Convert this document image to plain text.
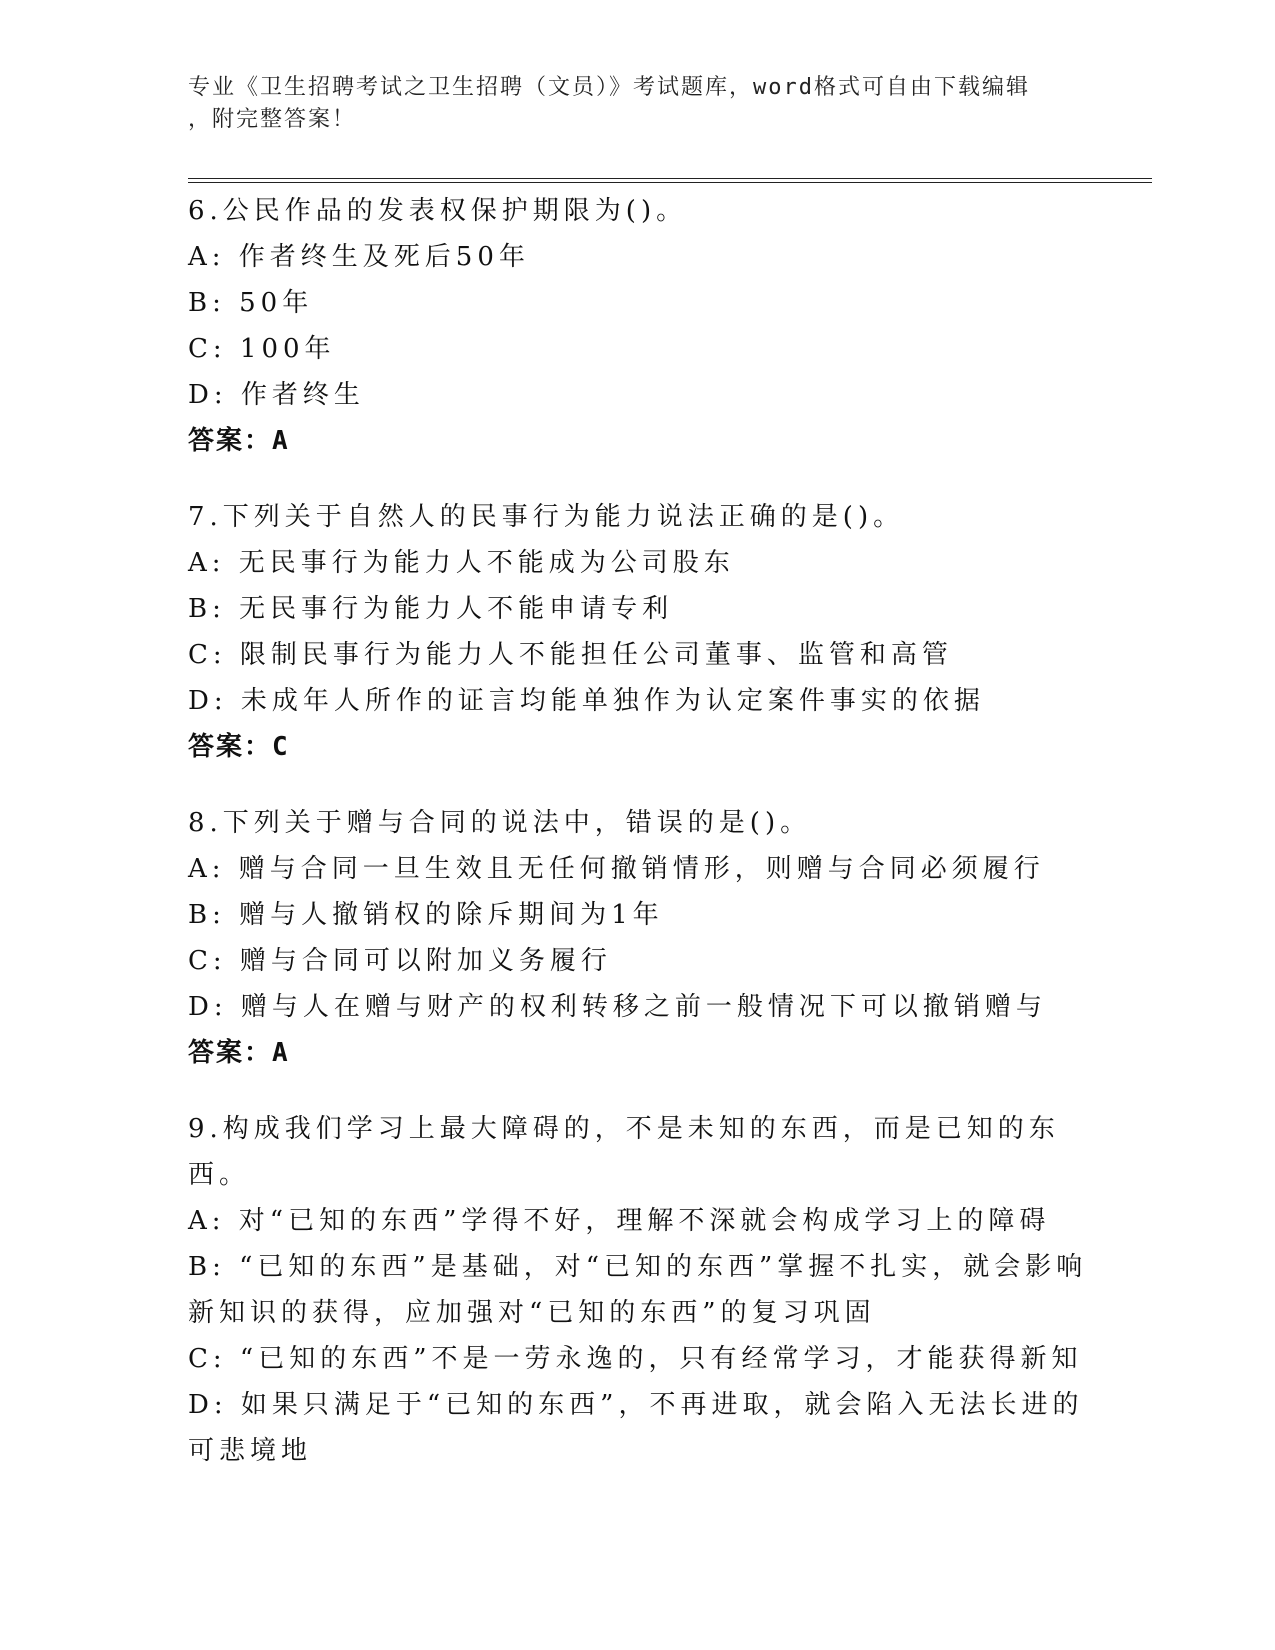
专业《卫生招聘考试之卫生招聘（文员）》考试题库，word格式可自由下载编辑
，附完整答案！
6.公民作品的发表权保护期限为()。
A: 作者终生及死后50年
B: 50年
C: 100年
D: 作者终生
答案：A
7.下列关于自然人的民事行为能力说法正确的是()。
A: 无民事行为能力人不能成为公司股东
B: 无民事行为能力人不能申请专利
C: 限制民事行为能力人不能担任公司董事、监管和高管
D: 未成年人所作的证言均能单独作为认定案件事实的依据
答案：C
8.下列关于赠与合同的说法中，错误的是()。
A: 赠与合同一旦生效且无任何撤销情形，则赠与合同必须履行
B: 赠与人撤销权的除斥期间为1年
C: 赠与合同可以附加义务履行
D: 赠与人在赠与财产的权利转移之前一般情况下可以撤销赠与
答案：A
9.构成我们学习上最大障碍的，不是未知的东西，而是已知的东西。
A: 对“已知的东西”学得不好，理解不深就会构成学习上的障碍
B: “已知的东西”是基础，对“已知的东西”掌握不扎实，就会影响新知识的获得，应加强对“已知的东西”的复习巩固
C: “已知的东西”不是一劳永逸的，只有经常学习，才能获得新知
D: 如果只满足于“已知的东西”，不再进取，就会陷入无法长进的可悲境地
